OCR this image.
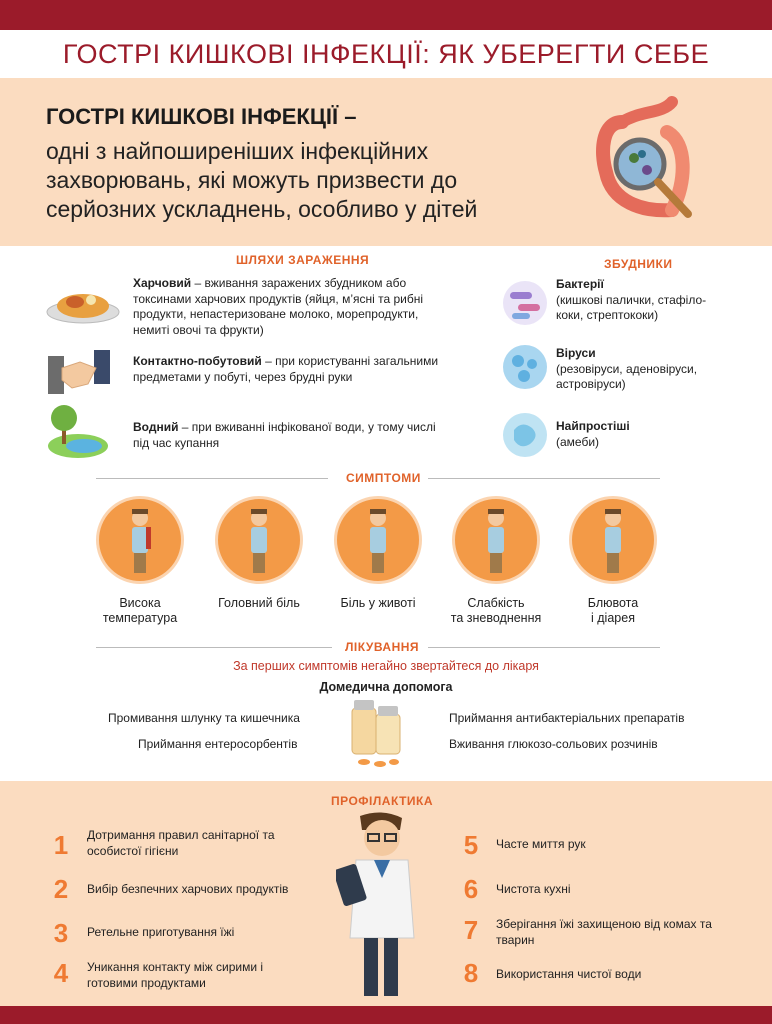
ГОСТРІ КИШКОВІ ІНФЕКЦІЇ: ЯК УБЕРЕГТИ СЕБЕ
ГОСТРІ КИШКОВІ ІНФЕКЦІЇ –
одні з найпоширеніших інфекційних захворювань, які можуть призвести до серйозних ускладнень, особливо у дітей
ШЛЯХИ ЗАРАЖЕННЯ	ЗБУДНИКИ
Харчовий – вживання заражених збудником або токсинами харчових продуктів (яйця, м’ясні та рибні продукти, непастеризоване молоко, морепродукти, немиті овочі та фрукти)
Контактно-побутовий – при користуванні загальними предметами у побуті, через брудні руки
Водний – при вживанні інфікованої води, у тому числі під час купання
Бактерії
(кишкові палички, стафіло-коки, стрептококи)
Віруси
(резовіруси, аденовіруси, астровіруси)
Найпростіші
(амеби)
СИМПТОМИ
Висока
температура
Головний біль	Біль у животі	Слабкість
та зневоднення
Блювота
і діарея
ЛІКУВАННЯ
За перших симптомів негайно звертайтеся до лікаря
Домедична допомога
Промивання шлунку та кишечника
Приймання ентеросорбентів
Приймання антибактеріальних препаратів
Вживання глюкозо-сольових розчинів
ПРОФІЛАКТИКА
1	Дотримання правил санітарної та особистої гігієни
2	Вибір безпечних харчових продуктів
3	Ретельне приготування їжі
4	Уникання контакту між сирими і готовими продуктами
5	Часте миття рук
6	Чистота кухні
7	Зберігання їжі захищеною від комах та тварин
8	Використання чистої води
